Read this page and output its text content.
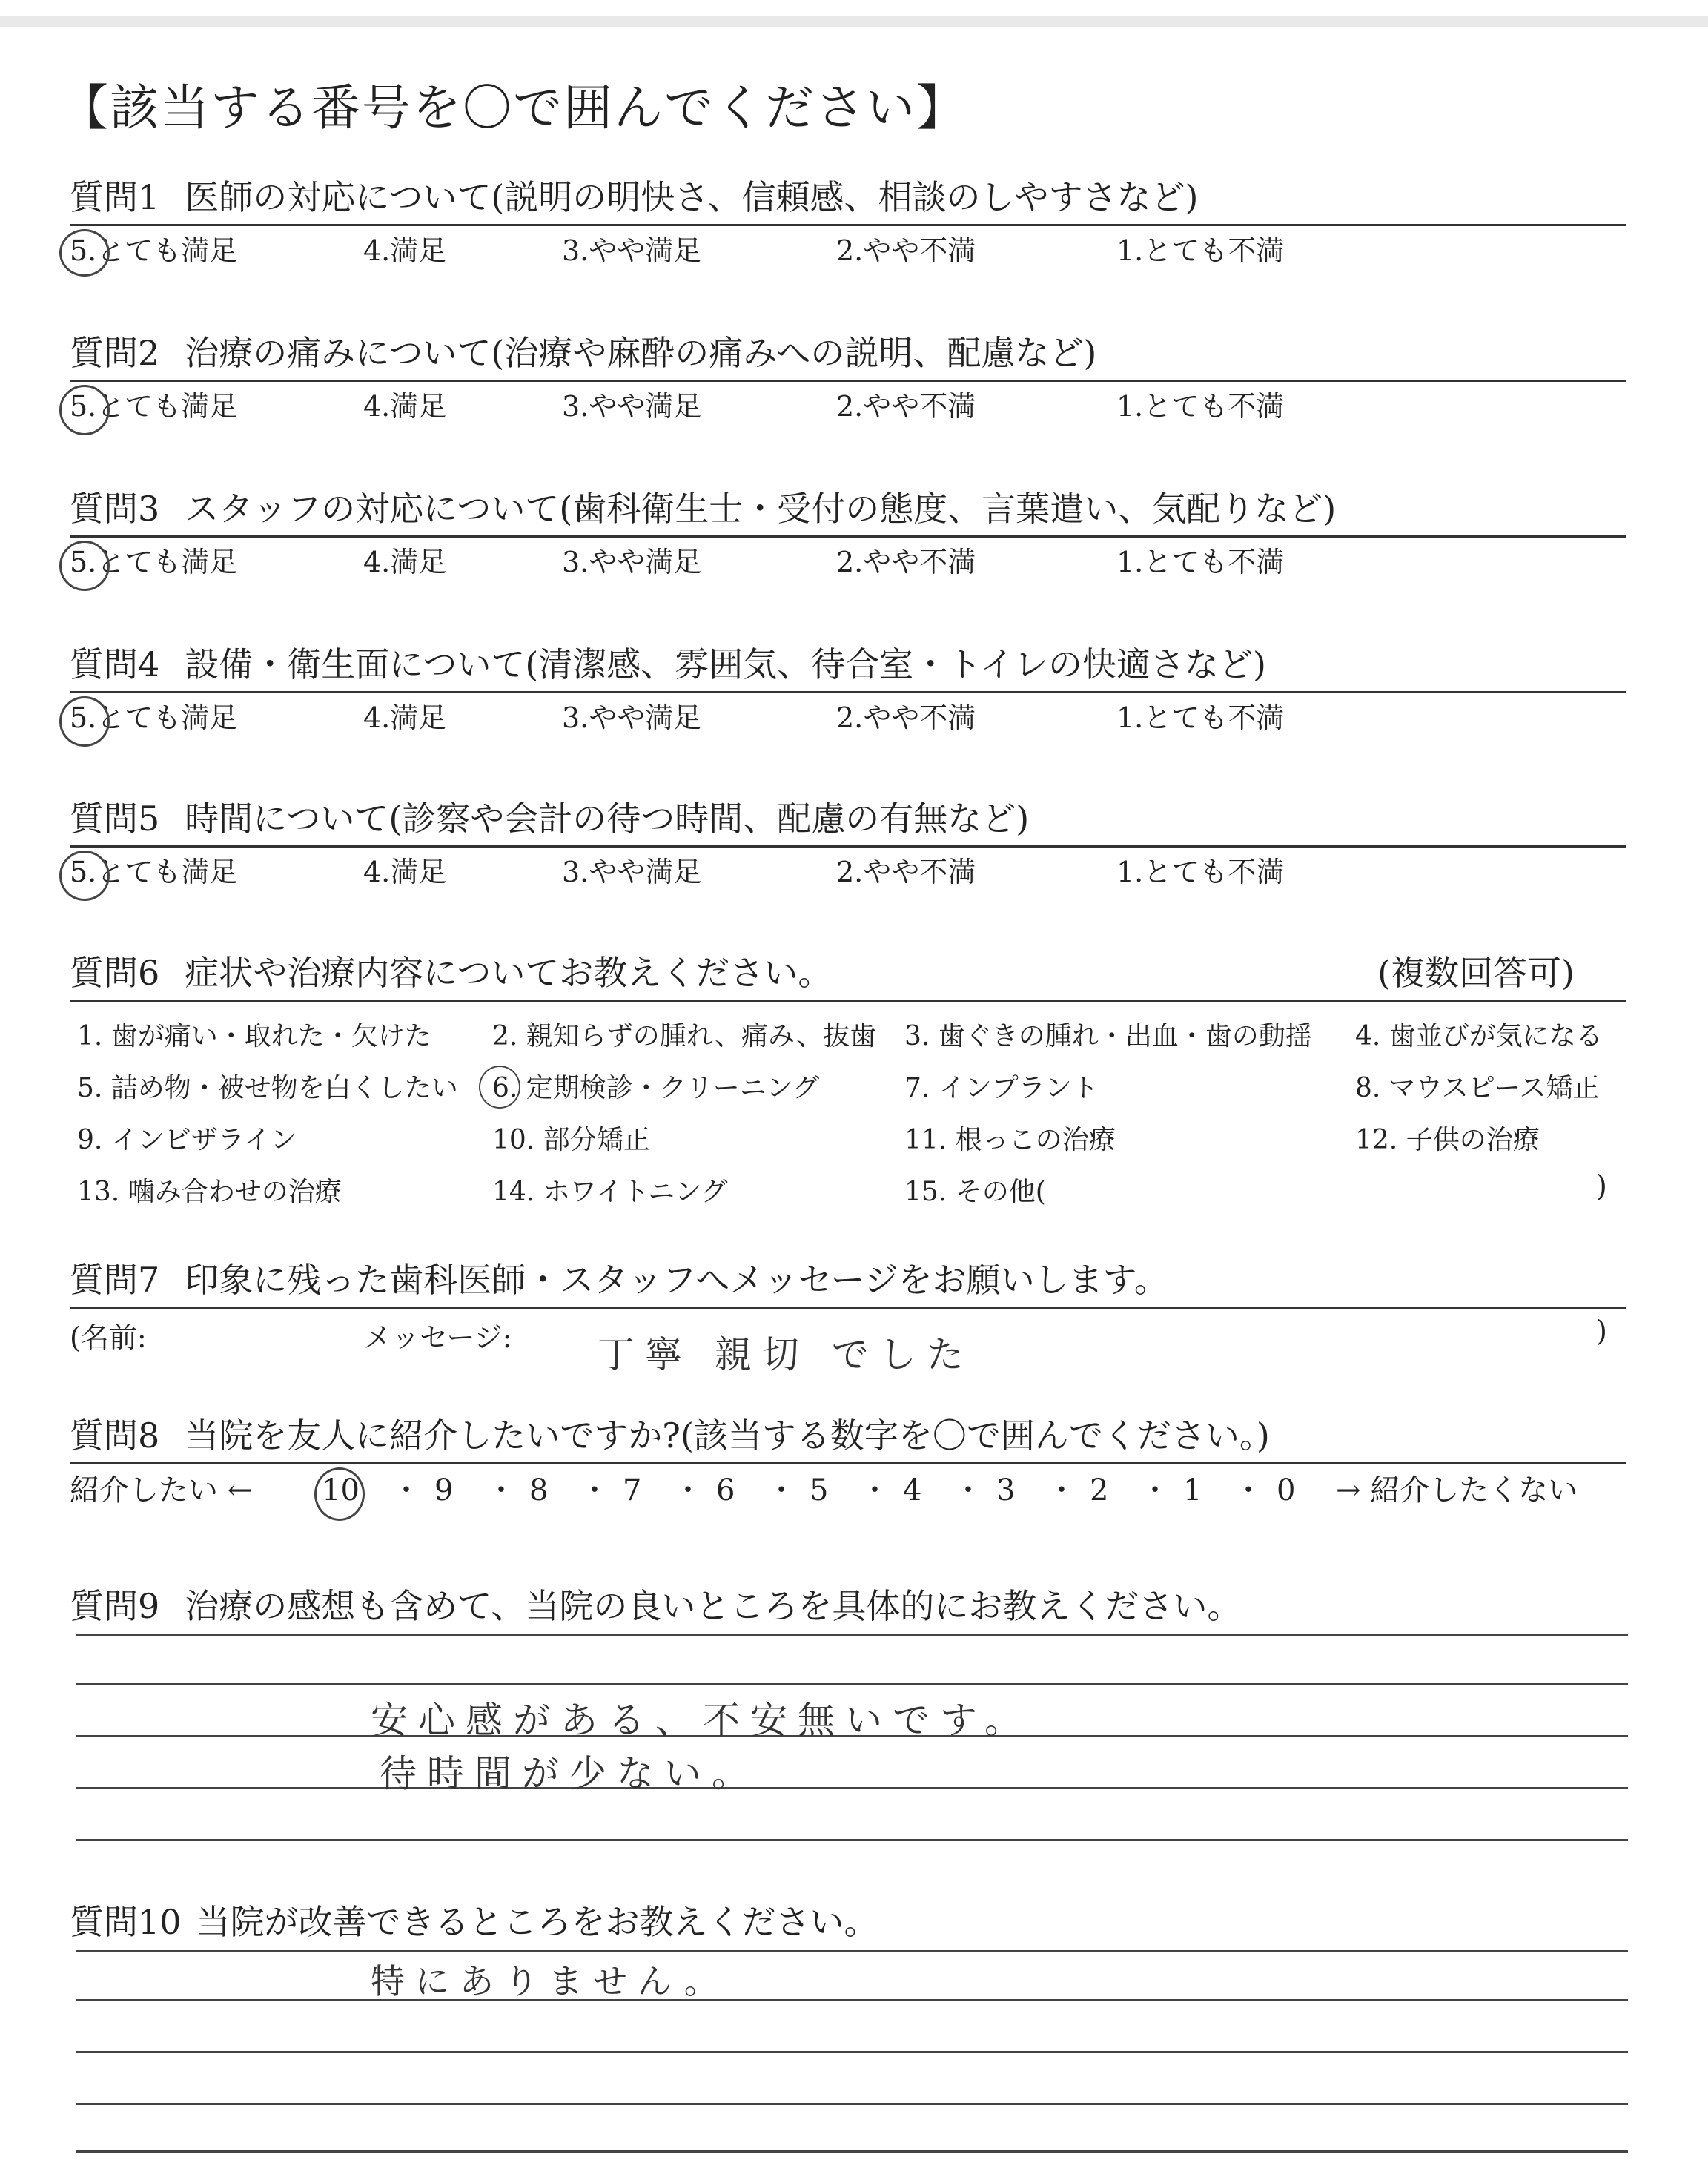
【該当する番号を〇で囲んでください】
質問1 医師の対応について(説明の明快さ、信頼感、相談のしやすさなど)
5.とても満足	4.満足	3.やや満足	2.やや不満	1.とても不満
質問2 治療の痛みについて(治療や麻酔の痛みへの説明、配慮など)
5.とても満足	4.満足	3.やや満足	2.やや不満	1.とても不満
質問3 スタッフの対応について(歯科衛生士・受付の態度、言葉遣い、気配りなど)
5.とても満足	4.満足	3.やや満足	2.やや不満	1.とても不満
質問4 設備・衛生面について(清潔感、雰囲気、待合室・トイレの快適さなど)
5.とても満足	4.満足	3.やや満足	2.やや不満	1.とても不満
質問5 時間について(診察や会計の待つ時間、配慮の有無など)
5.とても満足	4.満足	3.やや満足	2.やや不満	1.とても不満
質問6 症状や治療内容についてお教えください。	(複数回答可)
1. 歯が痛い・取れた・欠けた 2. 親知らずの腫れ、痛み、抜歯 3. 歯ぐきの腫れ・出血・歯の動揺 4. 歯並びが気になる
5. 詰め物・被せ物を白くしたい 6. 定期検診・クリーニング	7. インプラント	8. マウスピース矯正
9. インビザライン	10. 部分矯正	11. 根っこの治療	12. 子供の治療
13. 噛み合わせの治療	14. ホワイトニング	15. その他(	)
質問7 印象に残った歯科医師・スタッフへメッセージをお願いします。
(名前:	メッセージ: 丁寧 親切 でした
)
質問8 当院を友人に紹介したいですか?(該当する数字を〇で囲んでください。)
紹介したい ← 10 ・ 9 ・ 8 ・ 7 ・ 6 ・ 5 ・ 4 ・ 3 ・ 2 ・ 1 ・ 0 → 紹介したくない
質問9 治療の感想も含めて、当院の良いところを具体的にお教えください。
安心感がある、不安無いです。
待時間が少ない。
質問10 当院が改善できるところをお教えください。
特にありません。
